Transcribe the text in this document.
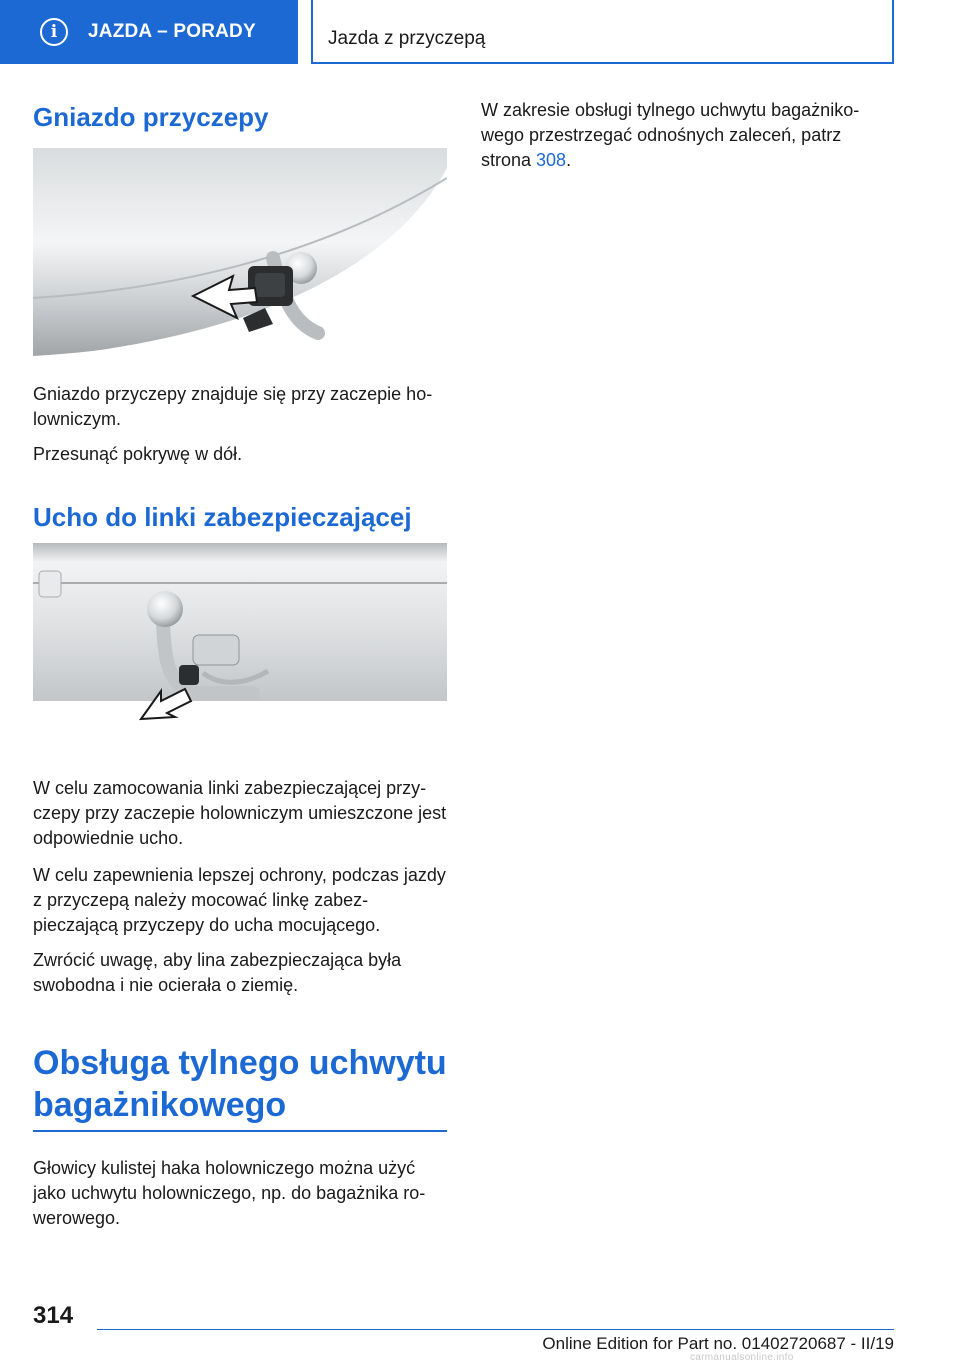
i	JAZDA – PORADY	Jazda z przyczepą
Gniazdo przyczepy

Gniazdo przyczepy znajduje się przy zaczepie holowniczym.

Przesunąć pokrywę w dół.

Ucho do linki zabezpieczającej

W celu zamocowania linki zabezpieczającej przyczepy przy zaczepie holowniczym umieszczone jest odpowiednie ucho.

W celu zapewnienia lepszej ochrony, podczas jazdy z przyczepą należy mocować linkę zabezpieczającą przyczepy do ucha mocującego.

Zwrócić uwagę, aby lina zabezpieczająca była swobodna i nie ocierała o ziemię.

Obsługa tylnego uchwytu bagażnikowego

Głowicy kulistej haka holowniczego można użyć jako uchwytu holowniczego, np. do bagażnika rowerowego.

W zakresie obsługi tylnego uchwytu bagażnikowego przestrzegać odnośnych zaleceń, patrz strona 308.

314
Online Edition for Part no. 01402720687 - II/19
carmanualsonline.info
